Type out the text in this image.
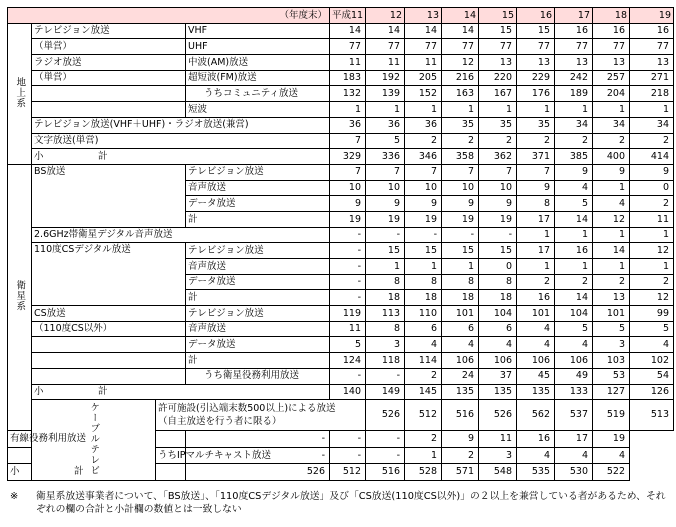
（年度末）				平成11	12	13	14	15	16	17	18	19	
地上系	テレビジョン放送		VHF	14	14	14	14	15	15	16	16	16	
	（単営）		UHF	77	77	77	77	77	77	77	77	77	
	ラジオ放送		中波(AM)放送	11	11	11	12	13	13	13	13	13	
	（単営）		超短波(FM)放送	183	192	205	216	220	229	242	257	271	
			うちコミュニティ放送	132	139	152	163	167	176	189	204	218	
			短波	1	1	1	1	1	1	1	1	1	
	テレビジョン放送(VHF＋UHF)・ラジオ放送(兼営)			36	36	36	35	35	35	34	34	34	
	文字放送(単営)			7	5	2	2	2	2	2	2	2	
	小　 計			329	336	346	358	362	371	385	400	414	
衛星系	BS放送		テレビジョン放送	7	7	7	7	7	7	9	9	9	
			音声放送	10	10	10	10	10	9	4	1	0	
			データ放送	9	9	9	9	9	8	5	4	2	
			計	19	19	19	19	19	17	14	12	11	
	2.6GHz帯衛星デジタル音声放送			-	-	-	-	-	1	1	1	1	
	110度CSデジタル放送		テレビジョン放送	-	15	15	15	15	17	16	14	12	
			音声放送	-	1	1	1	0	1	1	1	1	
			データ放送	-	8	8	8	8	2	2	2	2	
			計	-	18	18	18	18	16	14	13	12	
	CS放送		テレビジョン放送	119	113	110	101	104	101	104	101	99	
	（110度CS以外）		音声放送	11	8	6	6	6	4	5	5	5	
			データ放送	5	3	4	4	4	4	4	3	4	
			計	124	118	114	106	106	106	106	103	102	
			うち衛星役務利用放送	-	-	2	24	37	45	49	53	54	
	小　 計			140	149	145	135	135	135	133	127	126	
	ケーブルテレビ	許可施設(引込端末数500以上)による放送
（自主放送を行う者に限る）			526	512	516	526	562	537	519	513	
有線役務利用放送			-	-	-	2	9	11	16	17	19		
		うちIPマルチキャスト放送	-	-	-	1	2	3	4	4	4		
小　 計			526	512	516	528	571	548	535	530	522		
※	衛星系放送事業者について、「BS放送」、「110度CSデジタル放送」及び「CS放送(110度CS以外)」の２以上を兼営している者があるため、それぞれの欄の合計と小計欄の数値とは一致しない
